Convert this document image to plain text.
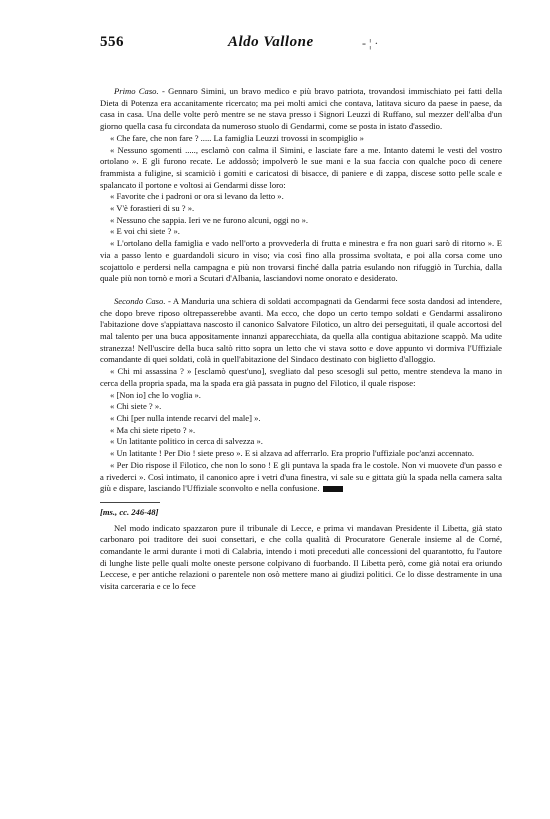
556	Aldo Vallone	- ¦ ·

Primo Caso. - Gennaro Simini, un bravo medico e più bravo patriota, trovandosi immischiato pei fatti della Dieta di Potenza era accanitamente ricercato; ma pei molti amici che contava, latitava sicuro da paese in paese, da casa in casa. Una delle volte però mentre se ne stava presso i Signori Leuzzi di Ruffano, sul mezzer dell'alba d'un giorno quella casa fu circondata da numeroso stuolo di Gendarmi, come se posta in istato d'assedio.

« Che fare, che non fare ? ..... La famiglia Leuzzi trovossi in scompiglio »

« Nessuno sgomenti ....., esclamò con calma il Simini, e lasciate fare a me. Intanto datemi le vesti del vostro ortolano ». E gli furono recate. Le addossò; impolverò le sue mani e la sua faccia con qualche poco di cenere frammista a fuligine, si scamiciò i gomiti e caricatosi di bisacce, di paniere e di zappa, discese sotto pelle scale e spalancato il portone e voltosi ai Gendarmi disse loro:

« Favorite che i padroni or ora si levano da letto ».

« V'è forastieri di su ? ».

« Nessuno che sappia. Ieri ve ne furono alcuni, oggi no ».

« E voi chi siete ? ».

« L'ortolano della famiglia e vado nell'orto a provvederla di frutta e minestra e fra non guari sarò di ritorno ». E via a passo lento e guardandoli sicuro in viso; via così fino alla prossima svoltata, e poi alla corsa come uno scojattolo e perdersi nella campagna e più non trovarsi finché dalla patria esulando non rifuggiò in Turchia, dalla quale più non tornò e morì a Scutari d'Albania, lasciandovi nome onorato e desiderato.

Secondo Caso. - A Manduria una schiera di soldati accompagnati da Gendarmi fece sosta dandosi ad intendere, che dopo breve riposo oltrepasserebbe avanti. Ma ecco, che dopo un certo tempo soldati e Gendarmi assalirono l'abitazione dove s'appiattava nascosto il canonico Salvatore Filotico, un altro dei perseguitati, il quale accortosi del mal talento per una buca appositamente innanzi apparecchiata, da quella alla contigua abitazione scappò. Ma udite stranezza! Nell'uscire della buca saltò ritto sopra un letto che vi stava sotto e dove appunto vi dormiva l'Uffiziale comandante di quei soldati, colà in quell'abitazione del Sindaco destinato con biglietto d'alloggio.

« Chi mi assassina ? » [esclamò quest'uno], svegliato dal peso scesogli sul petto, mentre stendeva la mano in cerca della propria spada, ma la spada era già passata in pugno del Filotico, il quale rispose:

« [Non io] che lo voglia ».

« Chi siete ? ».

« Chi [per nulla intende recarvi del male] ».

« Ma chi siete ripeto ? ».

« Un latitante politico in cerca di salvezza ».

« Un latitante ! Per Dio ! siete preso ». E si alzava ad afferrarlo. Era proprio l'uffiziale poc'anzi accennato.

« Per Dio rispose il Filotico, che non lo sono ! E gli puntava la spada fra le costole. Non vi muovete d'un passo e a rivederci ». Così intimato, il canonico apre i vetri d'una finestra, vi sale su e gittata giù la spada nella camera salta giù e dispare, lasciando l'Uffiziale sconvolto e nella confusione.

[ms., cc. 246-48]

Nel modo indicato spazzaron pure il tribunale di Lecce, e prima vi mandavan Presidente il Libetta, già stato carbonaro poi traditore dei suoi consettari, e che colla qualità di Procuratore Generale insieme al de Corné, comandante le armi durante i moti di Calabria, intendo i moti preceduti alle concessioni del quarantotto, fu l'autore di lunghe liste pelle quali molte oneste persone colpivano di fuorbando. Il Libetta però, come già notai era oriundo Leccese, e per antiche relazioni o parentele non osò mettere mano ai giudizi politici. Ce lo disse destramente in una visita carceraria e ce lo fece
